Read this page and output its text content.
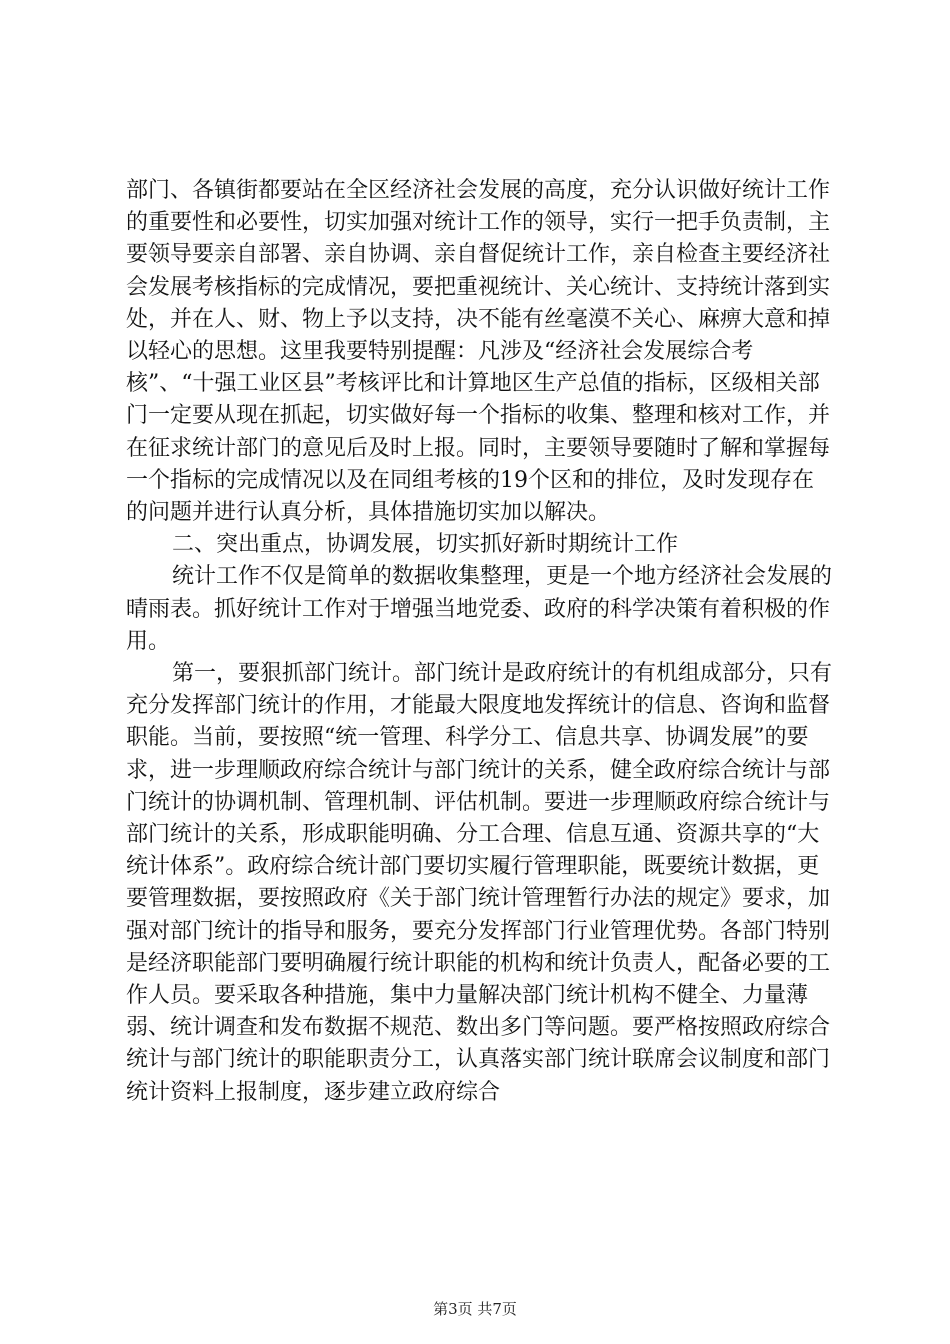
部门、各镇街都要站在全区经济社会发展的高度，充分认识做好统计工作的重要性和必要性，切实加强对统计工作的领导，实行一把手负责制，主要领导要亲自部署、亲自协调、亲自督促统计工作，亲自检查主要经济社会发展考核指标的完成情况，要把重视统计、关心统计、支持统计落到实处，并在人、财、物上予以支持，决不能有丝毫漠不关心、麻痹大意和掉以轻心的思想。这里我要特别提醒：凡涉及“经济社会发展综合考核”、“十强工业区县”考核评比和计算地区生产总值的指标，区级相关部门一定要从现在抓起，切实做好每一个指标的收集、整理和核对工作，并在征求统计部门的意见后及时上报。同时，主要领导要随时了解和掌握每一个指标的完成情况以及在同组考核的19个区和的排位，及时发现存在的问题并进行认真分析，具体措施切实加以解决。

二、突出重点，协调发展，切实抓好新时期统计工作

统计工作不仅是简单的数据收集整理，更是一个地方经济社会发展的晴雨表。抓好统计工作对于增强当地党委、政府的科学决策有着积极的作用。

第一，要狠抓部门统计。部门统计是政府统计的有机组成部分，只有充分发挥部门统计的作用，才能最大限度地发挥统计的信息、咨询和监督职能。当前，要按照“统一管理、科学分工、信息共享、协调发展”的要求，进一步理顺政府综合统计与部门统计的关系，健全政府综合统计与部门统计的协调机制、管理机制、评估机制。要进一步理顺政府综合统计与部门统计的关系，形成职能明确、分工合理、信息互通、资源共享的“大统计体系”。政府综合统计部门要切实履行管理职能，既要统计数据，更要管理数据，要按照政府《关于部门统计管理暂行办法的规定》要求，加强对部门统计的指导和服务，要充分发挥部门行业管理优势。各部门特别是经济职能部门要明确履行统计职能的机构和统计负责人，配备必要的工作人员。要采取各种措施，集中力量解决部门统计机构不健全、力量薄弱、统计调查和发布数据不规范、数出多门等问题。要严格按照政府综合统计与部门统计的职能职责分工，认真落实部门统计联席会议制度和部门统计资料上报制度，逐步建立政府综合

第3页 共7页
